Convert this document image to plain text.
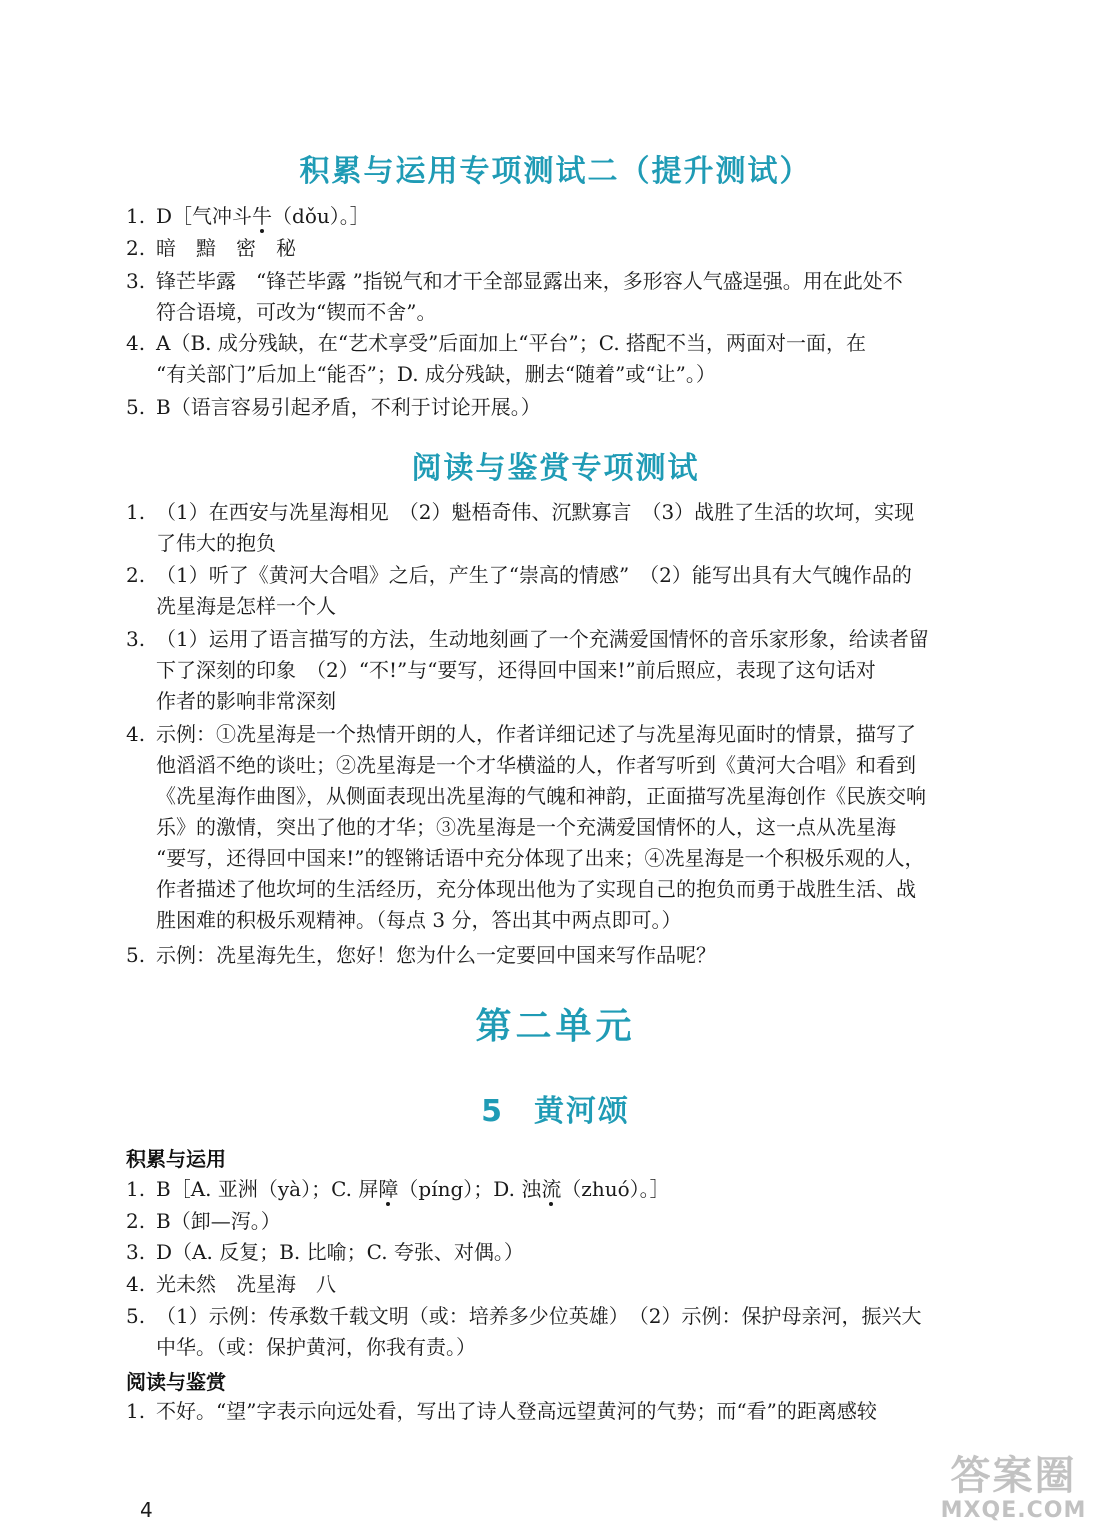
积累与运用专项测试二（提升测试）
1. D［气冲斗牛（dǒu）。］
2. 暗　黯　密　秘
3. 锋芒毕露　“锋芒毕露 ”指锐气和才干全部显露出来，多形容人气盛逞强。用在此处不
符合语境，可改为“锲而不舍”。
4. A（B. 成分残缺，在“艺术享受”后面加上“平台”；C. 搭配不当，两面对一面，在
“有关部门”后加上“能否”；D. 成分残缺，删去“随着”或“让”。）
5. B（语言容易引起矛盾，不利于讨论开展。）
阅读与鉴赏专项测试
1. （1）在西安与冼星海相见　（2）魁梧奇伟、沉默寡言　（3）战胜了生活的坎坷，实现
了伟大的抱负
2. （1）听了《黄河大合唱》之后，产生了“崇高的情感”　（2）能写出具有大气魄作品的
冼星海是怎样一个人
3. （1）运用了语言描写的方法，生动地刻画了一个充满爱国情怀的音乐家形象，给读者留
下了深刻的印象　（2）“不!”与“要写，还得回中国来!”前后照应，表现了这句话对
作者的影响非常深刻
4. 示例：①冼星海是一个热情开朗的人，作者详细记述了与冼星海见面时的情景，描写了
他滔滔不绝的谈吐；②冼星海是一个才华横溢的人，作者写听到《黄河大合唱》和看到
《冼星海作曲图》，从侧面表现出冼星海的气魄和神韵，正面描写冼星海创作《民族交响
乐》的激情，突出了他的才华；③冼星海是一个充满爱国情怀的人，这一点从冼星海
“要写，还得回中国来!”的铿锵话语中充分体现了出来；④冼星海是一个积极乐观的人，
作者描述了他坎坷的生活经历，充分体现出他为了实现自己的抱负而勇于战胜生活、战
胜困难的积极乐观精神。（每点 3 分，答出其中两点即可。）
5. 示例：冼星海先生，您好！您为什么一定要回中国来写作品呢？
第二单元
5 黄河颂
积累与运用
1. B［A. 亚洲（yà）；C. 屏障（píng）；D. 浊流（zhuó）。］
2. B（卸—泻。）
3. D（A. 反复；B. 比喻；C. 夸张、对偶。）
4. 光未然　冼星海　八
5. （1）示例：传承数千载文明（或：培养多少位英雄）　（2）示例：保护母亲河，振兴大
中华。（或：保护黄河，你我有责。）
阅读与鉴赏
1. 不好。“望”字表示向远处看，写出了诗人登高远望黄河的气势；而“看”的距离感较
4
答案圈
MXQE.COM
